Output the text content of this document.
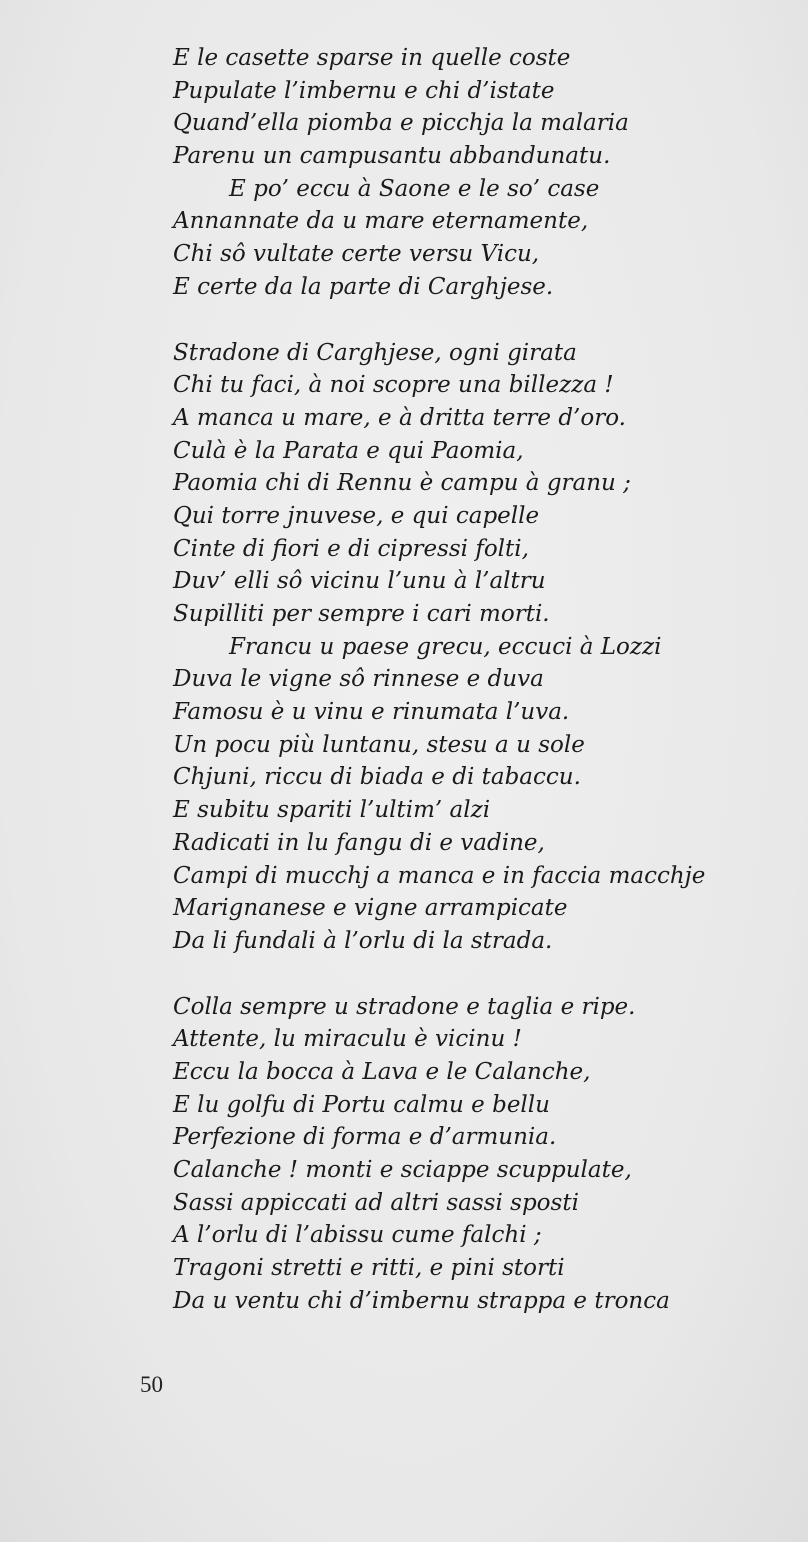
E le casette sparse in quelle coste
Pupulate l’imbernu e chi d’istate
Quand’ella piomba e picchja la malaria
Parenu un campusantu abbandunatu.
E po’ eccu à Saone e le so’ case
Annannate da u mare eternamente,
Chi sô vultate certe versu Vicu,
E certe da la parte di Carghjese.
Stradone di Carghjese, ogni girata
Chi tu faci, à noi scopre una billezza !
A manca u mare, e à dritta terre d’oro.
Culà è la Parata e qui Paomia,
Paomia chi di Rennu è campu à granu ;
Qui torre jnuvese, e qui capelle
Cinte di fiori e di cipressi folti,
Duv’ elli sô vicinu l’unu à l’altru
Supilliti per sempre i cari morti.
Francu u paese grecu, eccuci à Lozzi
Duva le vigne sô rinnese e duva
Famosu è u vinu e rinumata l’uva.
Un pocu più luntanu, stesu a u sole
Chjuni, riccu di biada e di tabaccu.
E subitu spariti l’ultim’ alzi
Radicati in lu fangu di e vadine,
Campi di mucchj a manca e in faccia macchje
Marignanese e vigne arrampicate
Da li fundali à l’orlu di la strada.
Colla sempre u stradone e taglia e ripe.
Attente, lu miraculu è vicinu !
Eccu la bocca à Lava e le Calanche,
E lu golfu di Portu calmu e bellu
Perfezione di forma e d’armunia.
Calanche ! monti e sciappe scuppulate,
Sassi appiccati ad altri sassi sposti
A l’orlu di l’abissu cume falchi ;
Tragoni stretti e ritti, e pini storti
Da u ventu chi d’imbernu strappa e tronca
50
